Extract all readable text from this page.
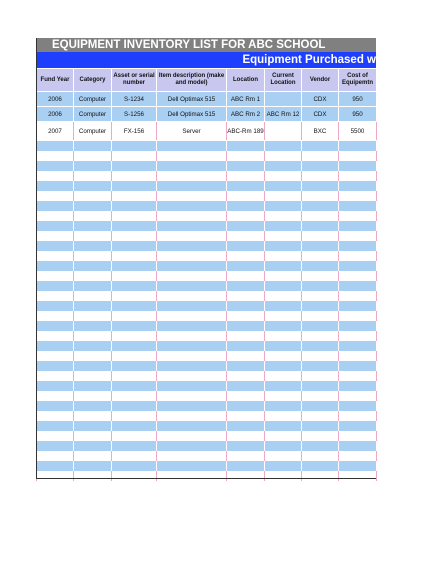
EQUIPMENT INVENTORY LIST FOR ABC SCHOOL
Equipment Purchased w
Fund Year	Category	Asset or serial number	Item description (make and model)	Location	Current Location	Vendor	Cost of Equipemtn
2006	Computer	S-1234	Dell Optimax 515	ABC Rm 1		CDX	950
2006	Computer	S-1256	Dell Optimax 515	ABC Rm 2	ABC Rm 12	CDX	950
2007	Computer	FX-156	Server	ABC-Rm 189		BXC	5500
